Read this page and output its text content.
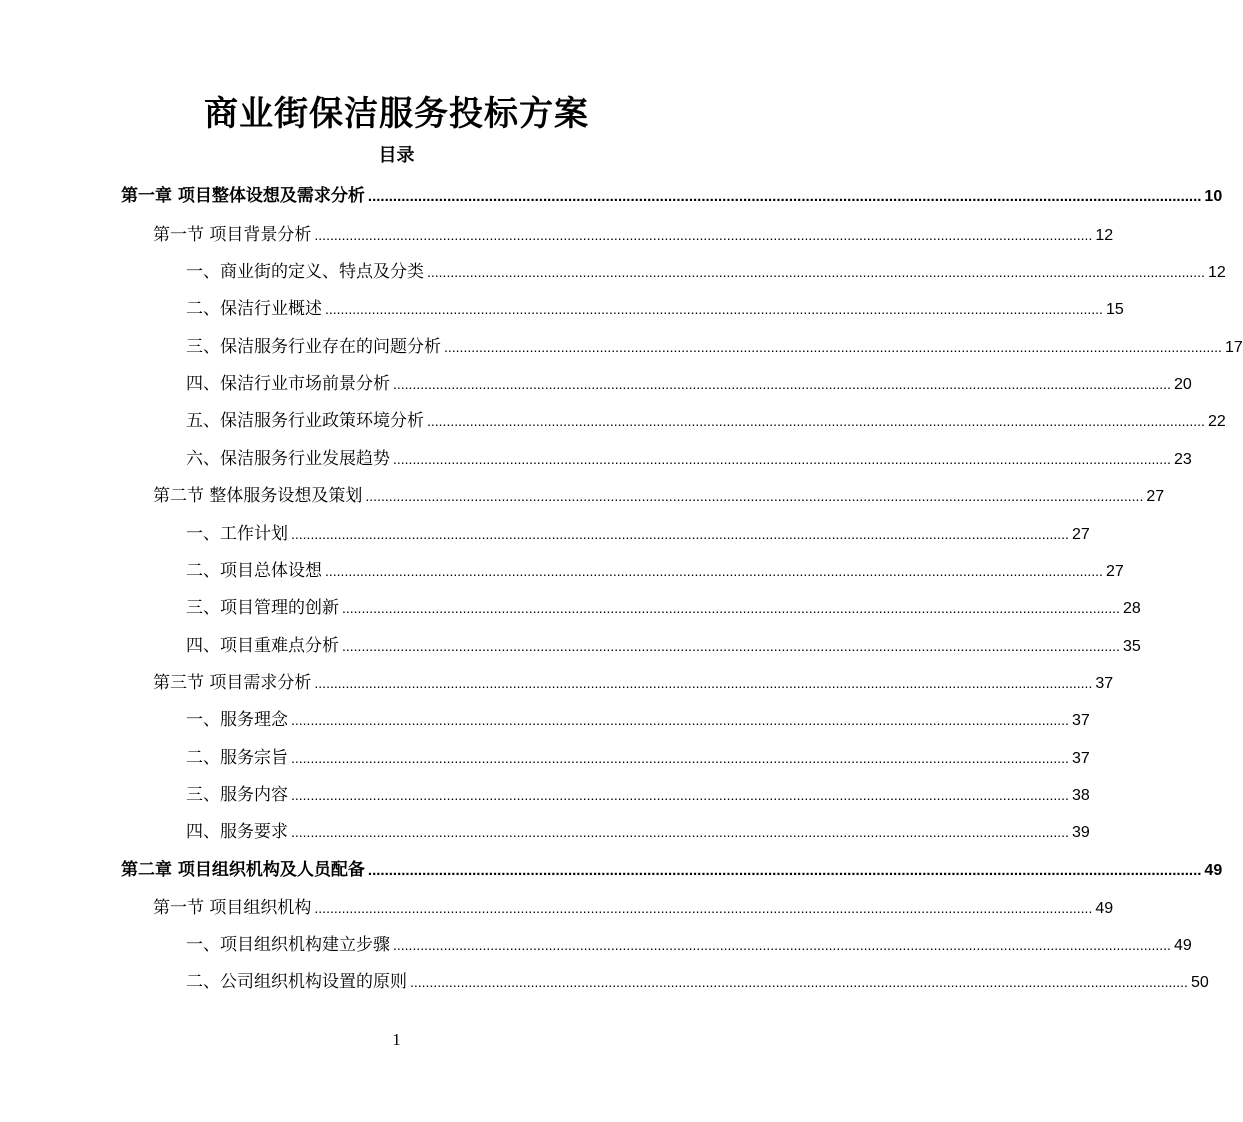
商业街保洁服务投标方案
目录
第一章 项目整体设想及需求分析 ........................................................................................................................................................................................................ 10
第一节 项目背景分析 ........................................................................................................................................................................................................ 12
一、商业街的定义、特点及分类 ........................................................................................................................................................................................................ 12
二、保洁行业概述 ........................................................................................................................................................................................................ 15
三、保洁服务行业存在的问题分析 ........................................................................................................................................................................................................ 17
四、保洁行业市场前景分析 ........................................................................................................................................................................................................ 20
五、保洁服务行业政策环境分析 ........................................................................................................................................................................................................ 22
六、保洁服务行业发展趋势 ........................................................................................................................................................................................................ 23
第二节 整体服务设想及策划 ........................................................................................................................................................................................................ 27
一、工作计划 ........................................................................................................................................................................................................ 27
二、项目总体设想 ........................................................................................................................................................................................................ 27
三、项目管理的创新 ........................................................................................................................................................................................................ 28
四、项目重难点分析 ........................................................................................................................................................................................................ 35
第三节 项目需求分析 ........................................................................................................................................................................................................ 37
一、服务理念 ........................................................................................................................................................................................................ 37
二、服务宗旨 ........................................................................................................................................................................................................ 37
三、服务内容 ........................................................................................................................................................................................................ 38
四、服务要求 ........................................................................................................................................................................................................ 39
第二章 项目组织机构及人员配备 ........................................................................................................................................................................................................ 49
第一节 项目组织机构 ........................................................................................................................................................................................................ 49
一、项目组织机构建立步骤 ........................................................................................................................................................................................................ 49
二、公司组织机构设置的原则 ........................................................................................................................................................................................................ 50
1
